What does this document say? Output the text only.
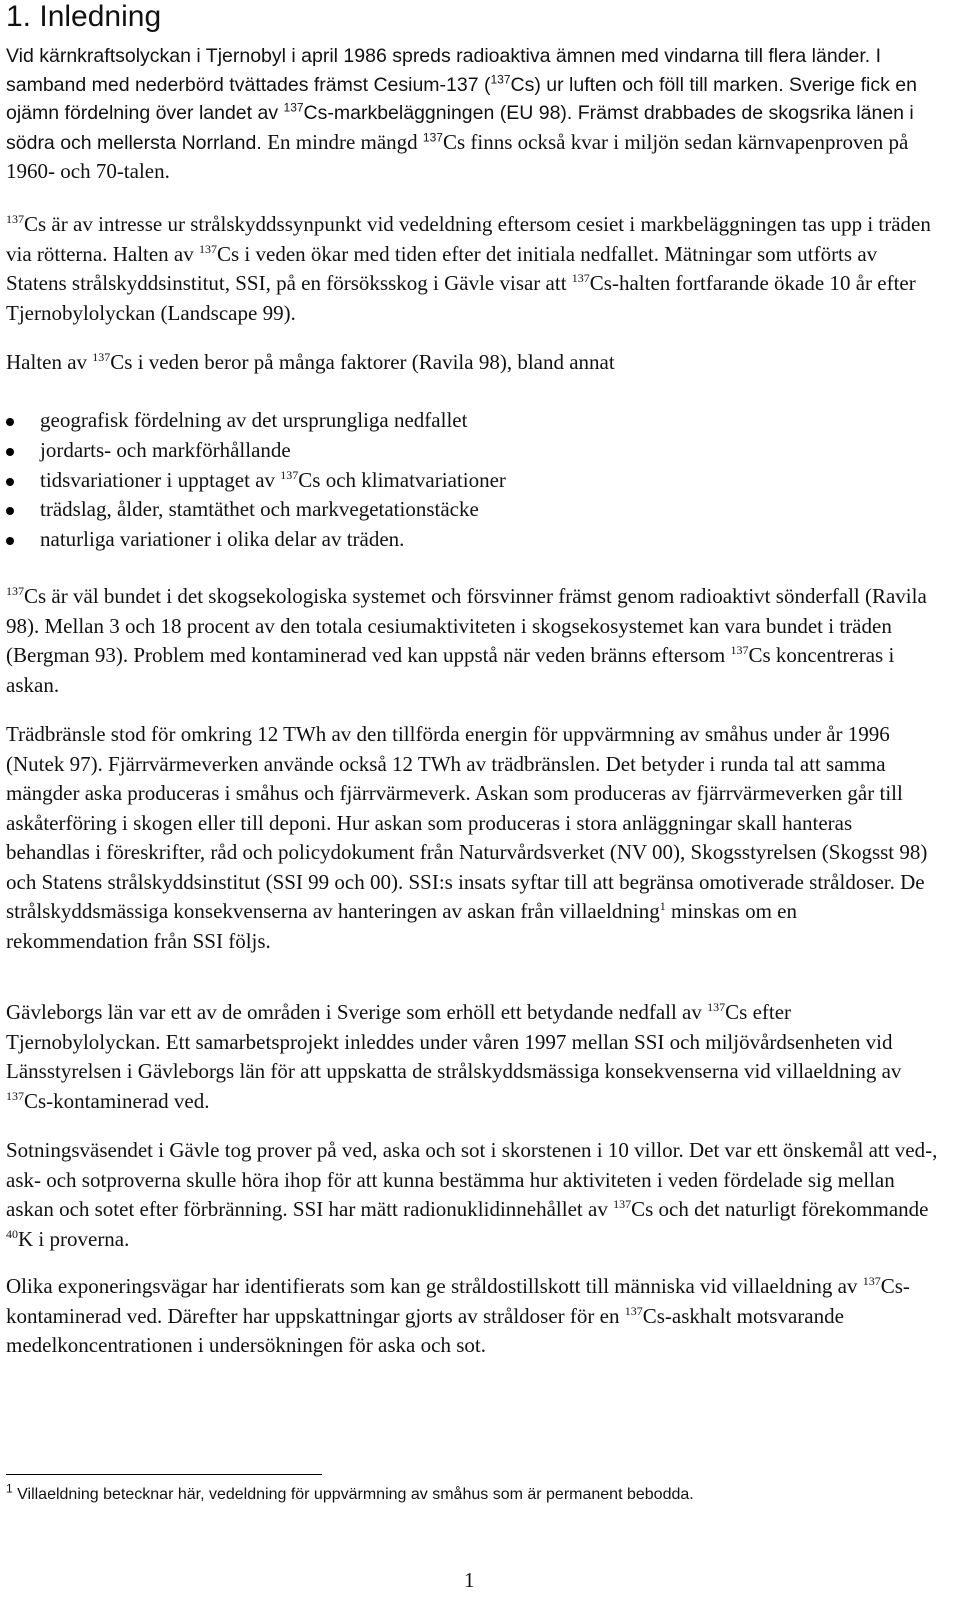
1. Inledning

Vid kärnkraftsolyckan i Tjernobyl i april 1986 spreds radioaktiva ämnen med vindarna till flera länder. I samband med nederbörd tvättades främst Cesium-137 ($^{137}$Cs) ur luften och föll till marken. Sverige fick en ojämn fördelning över landet av $^{137}$Cs-markbeläggningen (EU 98). Främst drabbades de skogsrika länen i södra och mellersta Norrland. En mindre mängd $^{137}$Cs finns också kvar i miljön sedan kärnvapenproven på 1960- och 70-talen.

$^{137}$Cs är av intresse ur strålskyddssynpunkt vid vedeldning eftersom cesiet i markbeläggningen tas upp i träden via rötterna. Halten av $^{137}$Cs i veden ökar med tiden efter det initiala nedfallet. Mätningar som utförts av Statens strålskyddsinstitut, SSI, på en försöksskog i Gävle visar att $^{137}$Cs-halten fortfarande ökade 10 år efter Tjernobylolyckan (Landscape 99).

Halten av $^{137}$Cs i veden beror på många faktorer (Ravila 98), bland annat

geografisk fördelning av det ursprungliga nedfallet
jordarts- och markförhållande
tidsvariationer i upptaget av $^{137}$Cs och klimatvariationer
trädslag, ålder, stamtäthet och markvegetationstäcke
naturliga variationer i olika delar av träden.

$^{137}$Cs är väl bundet i det skogsekologiska systemet och försvinner främst genom radioaktivt sönderfall (Ravila 98). Mellan 3 och 18 procent av den totala cesiumaktiviteten i skogsekosystemet kan vara bundet i träden (Bergman 93). Problem med kontaminerad ved kan uppstå när veden bränns eftersom $^{137}$Cs koncentreras i askan.

Trädbränsle stod för omkring 12 TWh av den tillförda energin för uppvärmning av småhus under år 1996 (Nutek 97). Fjärrvärmeverken använde också 12 TWh av trädbränslen. Det betyder i runda tal att samma mängder aska produceras i småhus och fjärrvärmeverk. Askan som produceras av fjärrvärmeverken går till askåterföring i skogen eller till deponi. Hur askan som produceras i stora anläggningar skall hanteras behandlas i föreskrifter, råd och policydokument från Naturvårdsverket (NV 00), Skogsstyrelsen (Skogsst 98) och Statens strålskyddsinstitut (SSI 99 och 00). SSI:s insats syftar till att begränsa omotiverade stråldoser. De strålskyddsmässiga konsekvenserna av hanteringen av askan från villaeldning$^1$ minskas om en rekommendation från SSI följs.

Gävleborgs län var ett av de områden i Sverige som erhöll ett betydande nedfall av $^{137}$Cs efter Tjernobylolyckan. Ett samarbetsprojekt inleddes under våren 1997 mellan SSI och miljövårdsenheten vid Länsstyrelsen i Gävleborgs län för att uppskatta de strålskyddsmässiga konsekvenserna vid villaeldning av $^{137}$Cs-kontaminerad ved.

Sotningsväsendet i Gävle tog prover på ved, aska och sot i skorstenen i 10 villor. Det var ett önskemål att ved-, ask- och sotproverna skulle höra ihop för att kunna bestämma hur aktiviteten i veden fördelade sig mellan askan och sotet efter förbränning. SSI har mätt radionuklidinnehållet av $^{137}$Cs och det naturligt förekommande $^{40}$K i proverna.

Olika exponeringsvägar har identifierats som kan ge stråldostillskott till människa vid villaeldning av $^{137}$Cs-kontaminerad ved. Därefter har uppskattningar gjorts av stråldoser för en $^{137}$Cs-askhalt motsvarande medelkoncentrationen i undersökningen för aska och sot.

$^1$ Villaeldning betecknar här, vedeldning för uppvärmning av småhus som är permanent bebodda.
1
